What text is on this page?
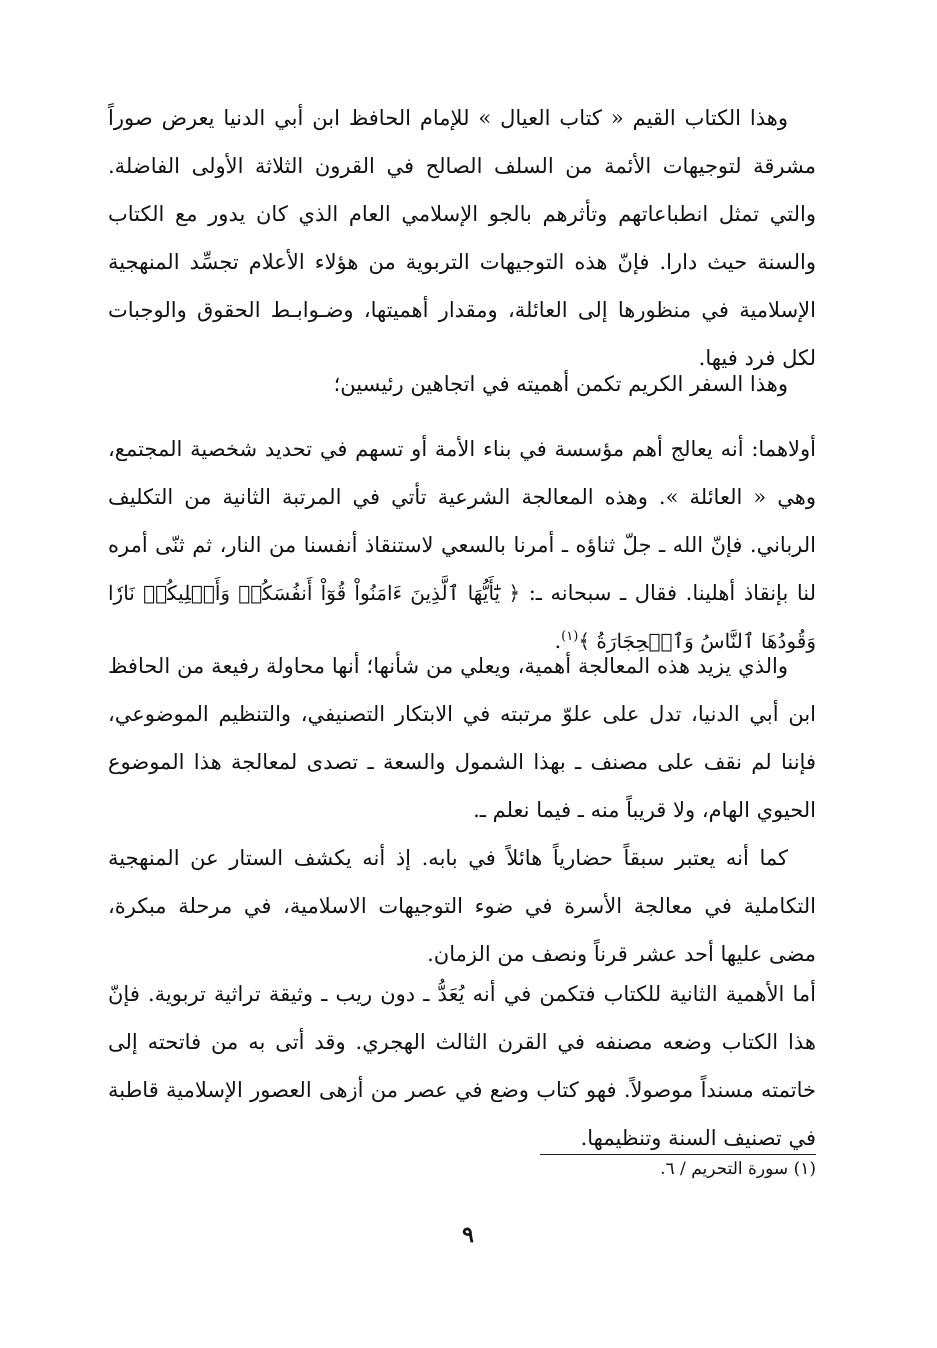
وهذا الكتاب القيم « كتاب العيال » للإمام الحافظ ابن أبي الدنيا يعرض صوراً مشرقة لتوجيهات الأئمة من السلف الصالح في القرون الثلاثة الأولى الفاضلة. والتي تمثل انطباعاتهم وتأثرهم بالجو الإسلامي العام الذي كان يدور مع الكتاب والسنة حيث دارا. فإنّ هذه التوجيهات التربوية من هؤلاء الأعلام تجسِّد المنهجية الإسلامية في منظورها إلى العائلة، ومقدار أهميتها، وضـوابـط الحقوق والوجبات لكل فرد فيها.

وهذا السفر الكريم تكمن أهميته في اتجاهين رئيسين؛

أولاهما: أنه يعالج أهم مؤسسة في بناء الأمة أو تسهم في تحديد شخصية المجتمع، وهي « العائلة ». وهذه المعالجة الشرعية تأتي في المرتبة الثانية من التكليف الرباني. فإنّ الله ـ جلّ ثناؤه ـ أمرنا بالسعي لاستنقاذ أنفسنا من النار، ثم ثنّى أمره لنا بإنقاذ أهلينا. فقال ـ سبحانه ـ: ﴿ يَٰٓأَيُّهَا ٱلَّذِينَ ءَامَنُواْ قُوٓاْ أَنفُسَكُمۡ وَأَهۡلِيكُمۡ نَارٗا وَقُودُهَا ٱلنَّاسُ وَٱلۡحِجَارَةُ ﴾$^{(١)}$.

والذي يزيد هذه المعالجة أهمية، ويعلي من شأنها؛ أنها محاولة رفيعة من الحافظ ابن أبي الدنيا، تدل على علوّ مرتبته في الابتكار التصنيفي، والتنظيم الموضوعي، فإننا لم نقف على مصنف ـ بهذا الشمول والسعة ـ تصدى لمعالجة هذا الموضوع الحيوي الهام، ولا قريباً منه ـ فيما نعلم ـ.

كما أنه يعتبر سبقاً حضارياً هائلاً في بابه. إذ أنه يكشف الستار عن المنهجية التكاملية في معالجة الأسرة في ضوء التوجيهات الاسلامية، في مرحلة مبكرة، مضى عليها أحد عشر قرناً ونصف من الزمان.

أما الأهمية الثانية للكتاب فتكمن في أنه يُعَدُّ ـ دون ريب ـ وثيقة تراثية تربوية. فإنّ هذا الكتاب وضعه مصنفه في القرن الثالث الهجري. وقد أتى به من فاتحته إلى خاتمته مسنداً موصولاً. فهو كتاب وضع في عصر من أزهى العصور الإسلامية قاطبة في تصنيف السنة وتنظيمها.

(١) سورة التحريم / ٦.
٩
